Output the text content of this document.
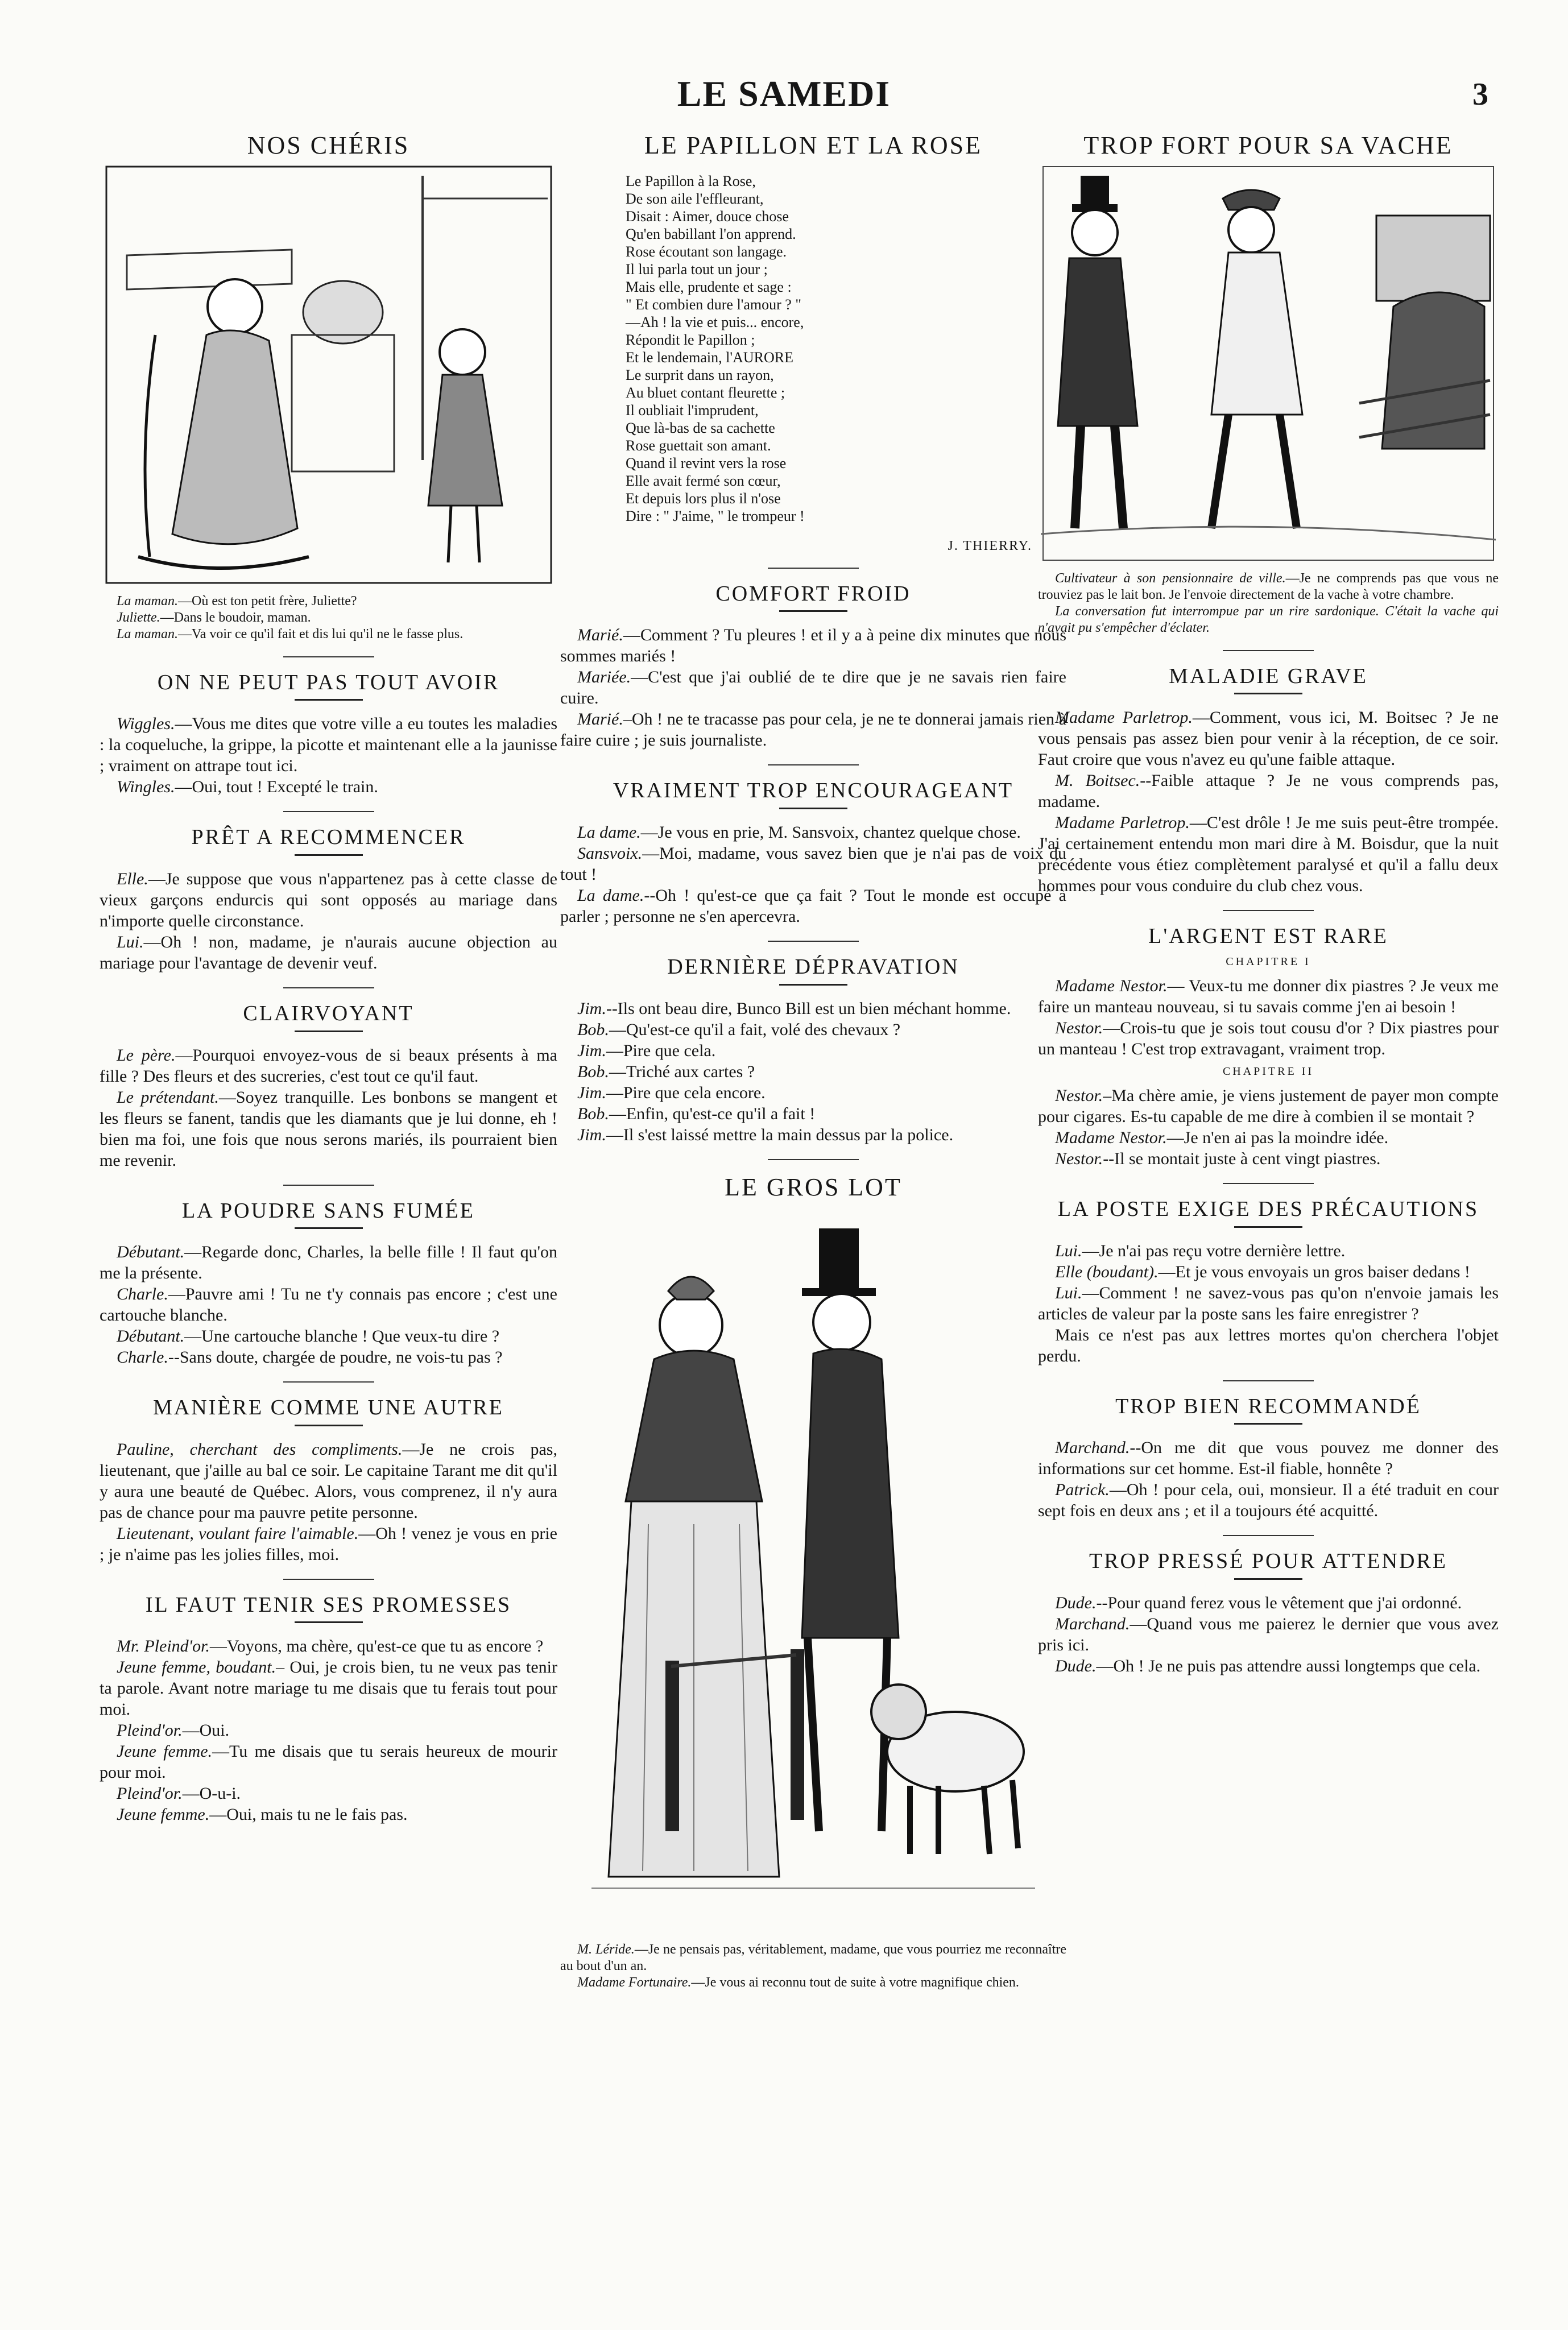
LE SAMEDI	3
NOS CHÉRIS

La maman.—Où est ton petit frère, Juliette?

Juliette.—Dans le boudoir, maman.

La maman.—Va voir ce qu'il fait et dis lui qu'il ne le fasse plus.

ON NE PEUT PAS TOUT AVOIR

Wiggles.—Vous me dites que votre ville a eu toutes les maladies : la coqueluche, la grippe, la picotte et maintenant elle a la jaunisse ; vraiment on attrape tout ici.

Wingles.—Oui, tout ! Excepté le train.

PRÊT A RECOMMENCER

Elle.—Je suppose que vous n'appartenez pas à cette classe de vieux garçons endurcis qui sont opposés au mariage dans n'importe quelle circonstance.

Lui.—Oh ! non, madame, je n'aurais aucune objection au mariage pour l'avantage de devenir veuf.

CLAIRVOYANT

Le père.—Pourquoi envoyez-vous de si beaux présents à ma fille ? Des fleurs et des sucreries, c'est tout ce qu'il faut.

Le prétendant.—Soyez tranquille. Les bonbons se mangent et les fleurs se fanent, tandis que les diamants que je lui donne, eh ! bien ma foi, une fois que nous serons mariés, ils pourraient bien me revenir.

LA POUDRE SANS FUMÉE

Débutant.—Regarde donc, Charles, la belle fille ! Il faut qu'on me la présente.

Charle.—Pauvre ami ! Tu ne t'y connais pas encore ; c'est une cartouche blanche.

Débutant.—Une cartouche blanche ! Que veux-tu dire ?

Charle.--Sans doute, chargée de poudre, ne vois-tu pas ?

MANIÈRE COMME UNE AUTRE

Pauline, cherchant des compliments.—Je ne crois pas, lieutenant, que j'aille au bal ce soir. Le capitaine Tarant me dit qu'il y aura une beauté de Québec. Alors, vous comprenez, il n'y aura pas de chance pour ma pauvre petite personne.

Lieutenant, voulant faire l'aimable.—Oh ! venez je vous en prie ; je n'aime pas les jolies filles, moi.

IL FAUT TENIR SES PROMESSES

Mr. Pleind'or.—Voyons, ma chère, qu'est-ce que tu as encore ?

Jeune femme, boudant.– Oui, je crois bien, tu ne veux pas tenir ta parole. Avant notre mariage tu me disais que tu ferais tout pour moi.

Pleind'or.—Oui.

Jeune femme.—Tu me disais que tu serais heureux de mourir pour moi.

Pleind'or.—O-u-i.

Jeune femme.—Oui, mais tu ne le fais pas.

LE PAPILLON ET LA ROSE
Le Papillon à la Rose,
De son aile l'effleurant,
Disait : Aimer, douce chose
Qu'en babillant l'on apprend.
Rose écoutant son langage.
Il lui parla tout un jour ;
Mais elle, prudente et sage :
" Et combien dure l'amour ? "
—Ah ! la vie et puis... encore,
Répondit le Papillon ;
Et le lendemain, l'AURORE
Le surprit dans un rayon,
Au bluet contant fleurette ;
Il oubliait l'imprudent,
Que là-bas de sa cachette
Rose guettait son amant.
Quand il revint vers la rose
Elle avait fermé son cœur,
Et depuis lors plus il n'ose
Dire : " J'aime, " le trompeur !
J. THIERRY.
COMFORT FROID

Marié.—Comment ? Tu pleures ! et il y a à peine dix minutes que nous sommes mariés !

Mariée.—C'est que j'ai oublié de te dire que je ne savais rien faire cuire.

Marié.–Oh ! ne te tracasse pas pour cela, je ne te donnerai jamais rien à faire cuire ; je suis journaliste.

VRAIMENT TROP ENCOURAGEANT

La dame.—Je vous en prie, M. Sansvoix, chantez quelque chose.

Sansvoix.—Moi, madame, vous savez bien que je n'ai pas de voix du tout !

La dame.--Oh ! qu'est-ce que ça fait ? Tout le monde est occupé à parler ; personne ne s'en apercevra.

DERNIÈRE DÉPRAVATION

Jim.--Ils ont beau dire, Bunco Bill est un bien méchant homme.

Bob.—Qu'est-ce qu'il a fait, volé des chevaux ?

Jim.—Pire que cela.

Bob.—Triché aux cartes ?

Jim.—Pire que cela encore.

Bob.—Enfin, qu'est-ce qu'il a fait !

Jim.—Il s'est laissé mettre la main dessus par la police.

LE GROS LOT

M. Léride.—Je ne pensais pas, véritablement, madame, que vous pourriez me reconnaître au bout d'un an.

Madame Fortunaire.—Je vous ai reconnu tout de suite à votre magnifique chien.

TROP FORT POUR SA VACHE

Cultivateur à son pensionnaire de ville.—Je ne comprends pas que vous ne trouviez pas le lait bon. Je l'envoie directement de la vache à votre chambre.

La conversation fut interrompue par un rire sardonique. C'était la vache qui n'avait pu s'empêcher d'éclater.

MALADIE GRAVE

Madame Parletrop.—Comment, vous ici, M. Boitsec ? Je ne vous pensais pas assez bien pour venir à la réception, de ce soir. Faut croire que vous n'avez eu qu'une faible attaque.

M. Boitsec.--Faible attaque ? Je ne vous comprends pas, madame.

Madame Parletrop.—C'est drôle ! Je me suis peut-être trompée. J'ai certainement entendu mon mari dire à M. Boisdur, que la nuit précédente vous étiez complètement paralysé et qu'il a fallu deux hommes pour vous conduire du club chez vous.

L'ARGENT EST RARE
CHAPITRE I

Madame Nestor.— Veux-tu me donner dix piastres ? Je veux me faire un manteau nouveau, si tu savais comme j'en ai besoin !

Nestor.—Crois-tu que je sois tout cousu d'or ? Dix piastres pour un manteau ! C'est trop extravagant, vraiment trop.

CHAPITRE II

Nestor.–Ma chère amie, je viens justement de payer mon compte pour cigares. Es-tu capable de me dire à combien il se montait ?

Madame Nestor.—Je n'en ai pas la moindre idée.

Nestor.--Il se montait juste à cent vingt piastres.

LA POSTE EXIGE DES PRÉCAUTIONS

Lui.—Je n'ai pas reçu votre dernière lettre.

Elle (boudant).—Et je vous envoyais un gros baiser dedans !

Lui.—Comment ! ne savez-vous pas qu'on n'envoie jamais les articles de valeur par la poste sans les faire enregistrer ?

Mais ce n'est pas aux lettres mortes qu'on cherchera l'objet perdu.

TROP BIEN RECOMMANDÉ

Marchand.--On me dit que vous pouvez me donner des informations sur cet homme. Est-il fiable, honnête ?

Patrick.—Oh ! pour cela, oui, monsieur. Il a été traduit en cour sept fois en deux ans ; et il a toujours été acquitté.

TROP PRESSÉ POUR ATTENDRE

Dude.--Pour quand ferez vous le vêtement que j'ai ordonné.

Marchand.—Quand vous me paierez le dernier que vous avez pris ici.

Dude.—Oh ! Je ne puis pas attendre aussi longtemps que cela.
